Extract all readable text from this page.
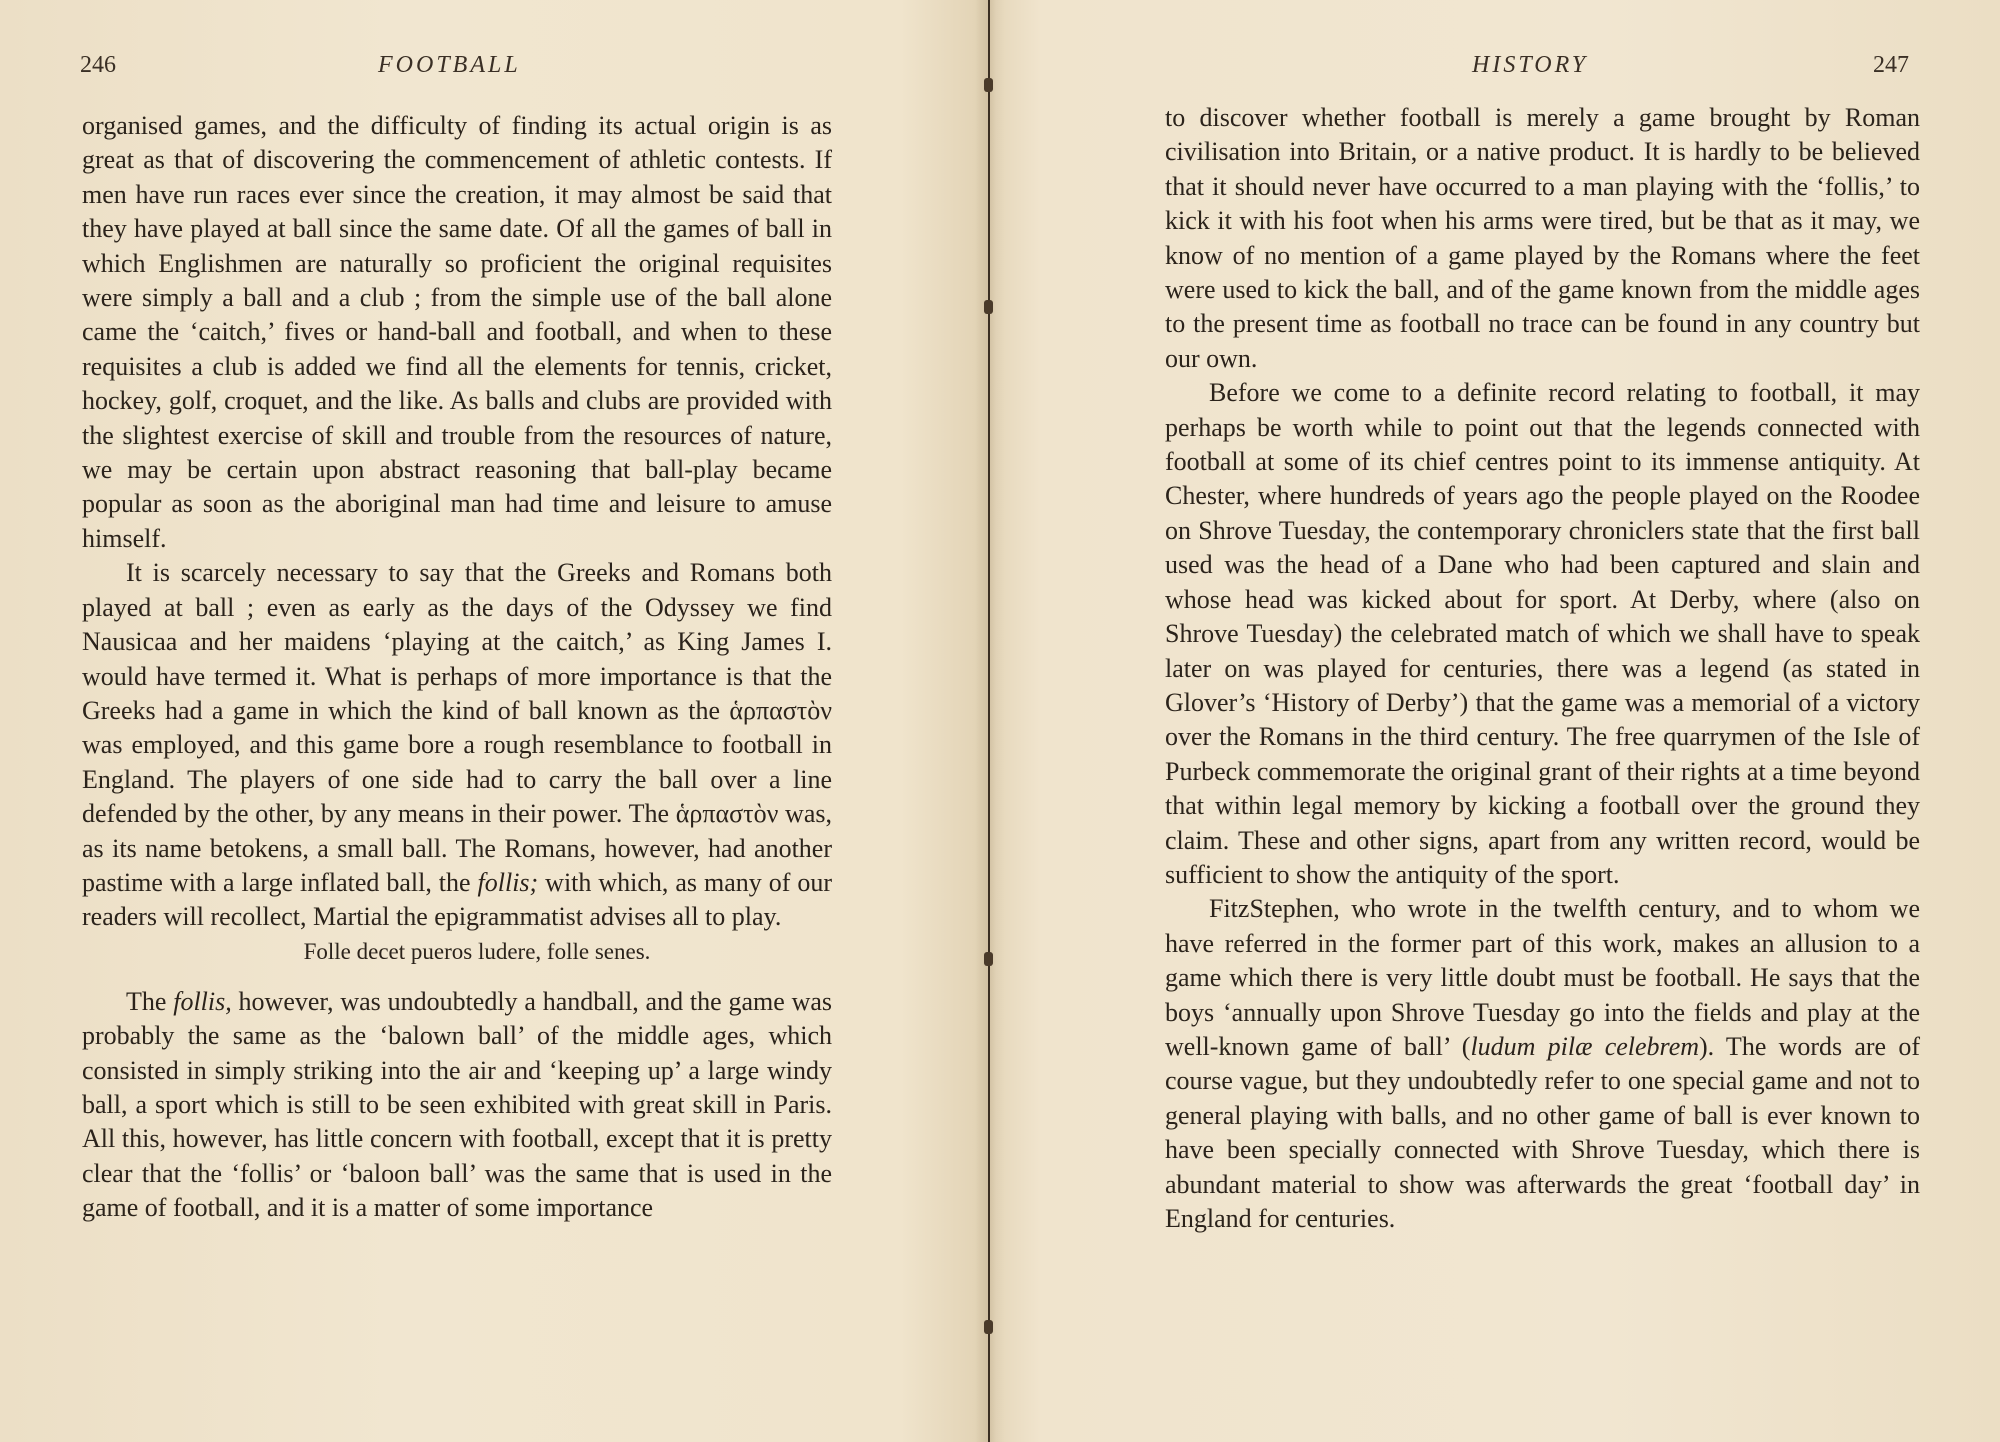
246	FOOTBALL

organised games, and the difficulty of finding its actual origin is as great as that of discovering the commencement of athletic contests. If men have run races ever since the creation, it may almost be said that they have played at ball since the same date. Of all the games of ball in which Englishmen are naturally so proficient the original requisites were simply a ball and a club ; from the simple use of the ball alone came the ‘caitch,’ fives or hand-ball and football, and when to these requisites a club is added we find all the elements for tennis, cricket, hockey, golf, croquet, and the like. As balls and clubs are provided with the slightest exercise of skill and trouble from the resources of nature, we may be certain upon abstract reasoning that ball-play became popular as soon as the aboriginal man had time and leisure to amuse himself.

It is scarcely necessary to say that the Greeks and Romans both played at ball ; even as early as the days of the Odyssey we find Nausicaa and her maidens ‘playing at the caitch,’ as King James I. would have termed it. What is perhaps of more importance is that the Greeks had a game in which the kind of ball known as the ἁρπαστὸν was employed, and this game bore a rough resemblance to football in England. The players of one side had to carry the ball over a line defended by the other, by any means in their power. The ἁρπαστὸν was, as its name betokens, a small ball. The Romans, however, had another pastime with a large inflated ball, the follis; with which, as many of our readers will recollect, Martial the epigrammatist advises all to play.

Folle decet pueros ludere, folle senes.

The follis, however, was undoubtedly a handball, and the game was probably the same as the ‘balown ball’ of the middle ages, which consisted in simply striking into the air and ‘keeping up’ a large windy ball, a sport which is still to be seen exhibited with great skill in Paris. All this, however, has little concern with football, except that it is pretty clear that the ‘follis’ or ‘baloon ball’ was the same that is used in the game of football, and it is a matter of some importance

HISTORY	247

to discover whether football is merely a game brought by Roman civilisation into Britain, or a native product. It is hardly to be believed that it should never have occurred to a man playing with the ‘follis,’ to kick it with his foot when his arms were tired, but be that as it may, we know of no mention of a game played by the Romans where the feet were used to kick the ball, and of the game known from the middle ages to the present time as football no trace can be found in any country but our own.

Before we come to a definite record relating to football, it may perhaps be worth while to point out that the legends connected with football at some of its chief centres point to its immense antiquity. At Chester, where hundreds of years ago the people played on the Roodee on Shrove Tuesday, the contemporary chroniclers state that the first ball used was the head of a Dane who had been captured and slain and whose head was kicked about for sport. At Derby, where (also on Shrove Tuesday) the celebrated match of which we shall have to speak later on was played for centuries, there was a legend (as stated in Glover’s ‘History of Derby’) that the game was a memorial of a victory over the Romans in the third century. The free quarrymen of the Isle of Purbeck commemorate the original grant of their rights at a time beyond that within legal memory by kicking a football over the ground they claim. These and other signs, apart from any written record, would be sufficient to show the antiquity of the sport.

FitzStephen, who wrote in the twelfth century, and to whom we have referred in the former part of this work, makes an allusion to a game which there is very little doubt must be football. He says that the boys ‘annually upon Shrove Tuesday go into the fields and play at the well-known game of ball’ (ludum pilæ celebrem). The words are of course vague, but they undoubtedly refer to one special game and not to general playing with balls, and no other game of ball is ever known to have been specially connected with Shrove Tuesday, which there is abundant material to show was afterwards the great ‘football day’ in England for centuries.
